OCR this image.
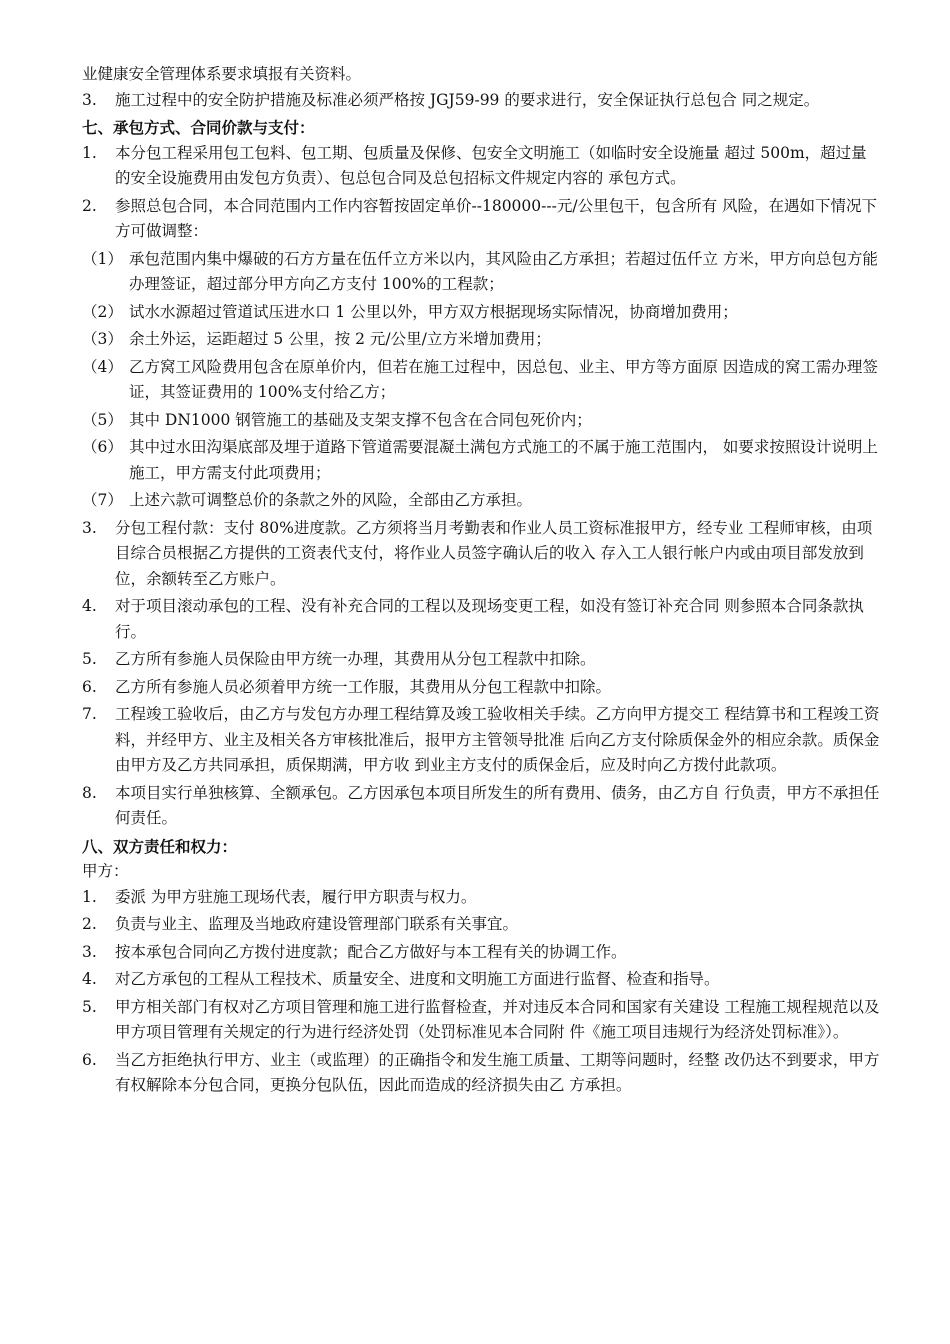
业健康安全管理体系要求填报有关资料。

3.	施工过程中的安全防护措施及标准必须严格按 JGJ59-99 的要求进行，安全保证执行总包合 同之规定。

七、承包方式、合同价款与支付：

1.	本分包工程采用包工包料、包工期、包质量及保修、包安全文明施工（如临时安全设施量 超过 500m，超过量的安全设施费用由发包方负责）、包总包合同及总包招标文件规定内容的 承包方式。
2.	参照总包合同，本合同范围内工作内容暂按固定单价--180000---元/公里包干，包含所有 风险，在遇如下情况下方可做调整：
（1） 承包范围内集中爆破的石方方量在伍仟立方米以内，其风险由乙方承担；若超过伍仟立 方米，甲方向总包方能办理签证，超过部分甲方向乙方支付 100%的工程款；
（2） 试水水源超过管道试压进水口 1 公里以外，甲方双方根据现场实际情况，协商增加费用；
（3） 余土外运，运距超过 5 公里，按 2 元/公里/立方米增加费用；
（4） 乙方窝工风险费用包含在原单价内，但若在施工过程中，因总包、业主、甲方等方面原 因造成的窝工需办理签证，其签证费用的 100%支付给乙方；
（5） 其中 DN1000 钢管施工的基础及支架支撑不包含在合同包死价内；
（6） 其中过水田沟渠底部及埋于道路下管道需要混凝土满包方式施工的不属于施工范围内， 如要求按照设计说明上施工，甲方需支付此项费用；
（7） 上述六款可调整总价的条款之外的风险，全部由乙方承担。
3.	分包工程付款：支付 80%进度款。乙方须将当月考勤表和作业人员工资标准报甲方，经专业 工程师审核，由项目综合员根据乙方提供的工资表代支付，将作业人员签字确认后的收入 存入工人银行帐户内或由项目部发放到位，余额转至乙方账户。
4.	对于项目滚动承包的工程、没有补充合同的工程以及现场变更工程，如没有签订补充合同 则参照本合同条款执行。
5.	乙方所有参施人员保险由甲方统一办理，其费用从分包工程款中扣除。
6.	乙方所有参施人员必须着甲方统一工作服，其费用从分包工程款中扣除。
7.	工程竣工验收后，由乙方与发包方办理工程结算及竣工验收相关手续。乙方向甲方提交工 程结算书和工程竣工资料，并经甲方、业主及相关各方审核批准后，报甲方主管领导批准 后向乙方支付除质保金外的相应余款。质保金由甲方及乙方共同承担，质保期满，甲方收 到业主方支付的质保金后，应及时向乙方拨付此款项。
8.	本项目实行单独核算、全额承包。乙方因承包本项目所发生的所有费用、债务，由乙方自 行负责，甲方不承担任何责任。

八、双方责任和权力：

甲方：

1.	委派 为甲方驻施工现场代表，履行甲方职责与权力。
2.	负责与业主、监理及当地政府建设管理部门联系有关事宜。
3.	按本承包合同向乙方拨付进度款；配合乙方做好与本工程有关的协调工作。
4.	对乙方承包的工程从工程技术、质量安全、进度和文明施工方面进行监督、检查和指导。
5.	甲方相关部门有权对乙方项目管理和施工进行监督检查，并对违反本合同和国家有关建设 工程施工规程规范以及甲方项目管理有关规定的行为进行经济处罚（处罚标准见本合同附 件《施工项目违规行为经济处罚标准》）。
6.	当乙方拒绝执行甲方、业主（或监理）的正确指令和发生施工质量、工期等问题时，经整 改仍达不到要求，甲方有权解除本分包合同，更换分包队伍，因此而造成的经济损失由乙 方承担。
